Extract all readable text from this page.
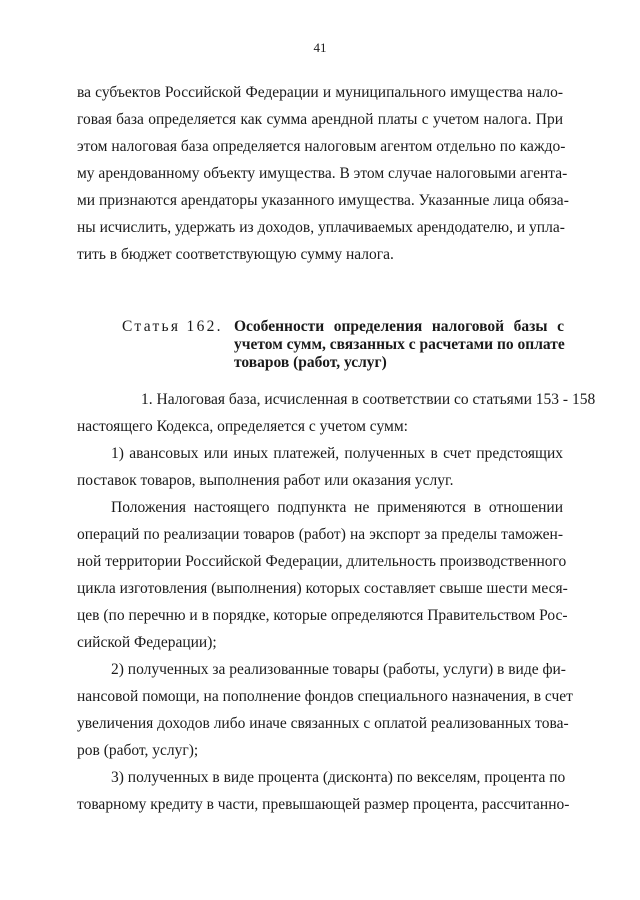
41
ва субъектов Российской Федерации и муниципального имущества нало-
говая база определяется как сумма арендной платы с учетом налога. При
этом налоговая база определяется налоговым агентом отдельно по каждо-
му арендованному объекту имущества. В этом случае налоговыми агента-
ми признаются арендаторы указанного имущества. Указанные лица обяза-
ны исчислить, удержать из доходов, уплачиваемых арендодателю, и упла-
тить в бюджет соответствующую сумму налога.
Статья 162. Особенности определения налоговой базы с
учетом сумм, связанных с расчетами по оплате
товаров (работ, услуг)
1. Налоговая база, исчисленная в соответствии со статьями 153 - 158
настоящего Кодекса, определяется с учетом сумм:
1) авансовых или иных платежей, полученных в счет предстоящих
поставок товаров, выполнения работ или оказания услуг.
Положения настоящего подпункта не применяются в отношении
операций по реализации товаров (работ) на экспорт за пределы таможен-
ной территории Российской Федерации, длительность производственного
цикла изготовления (выполнения) которых составляет свыше шести меся-
цев (по перечню и в порядке, которые определяются Правительством Рос-
сийской Федерации);
2) полученных за реализованные товары (работы, услуги) в виде фи-
нансовой помощи, на пополнение фондов специального назначения, в счет
увеличения доходов либо иначе связанных с оплатой реализованных това-
ров (работ, услуг);
3) полученных в виде процента (дисконта) по векселям, процента по
товарному кредиту в части, превышающей размер процента, рассчитанно-
